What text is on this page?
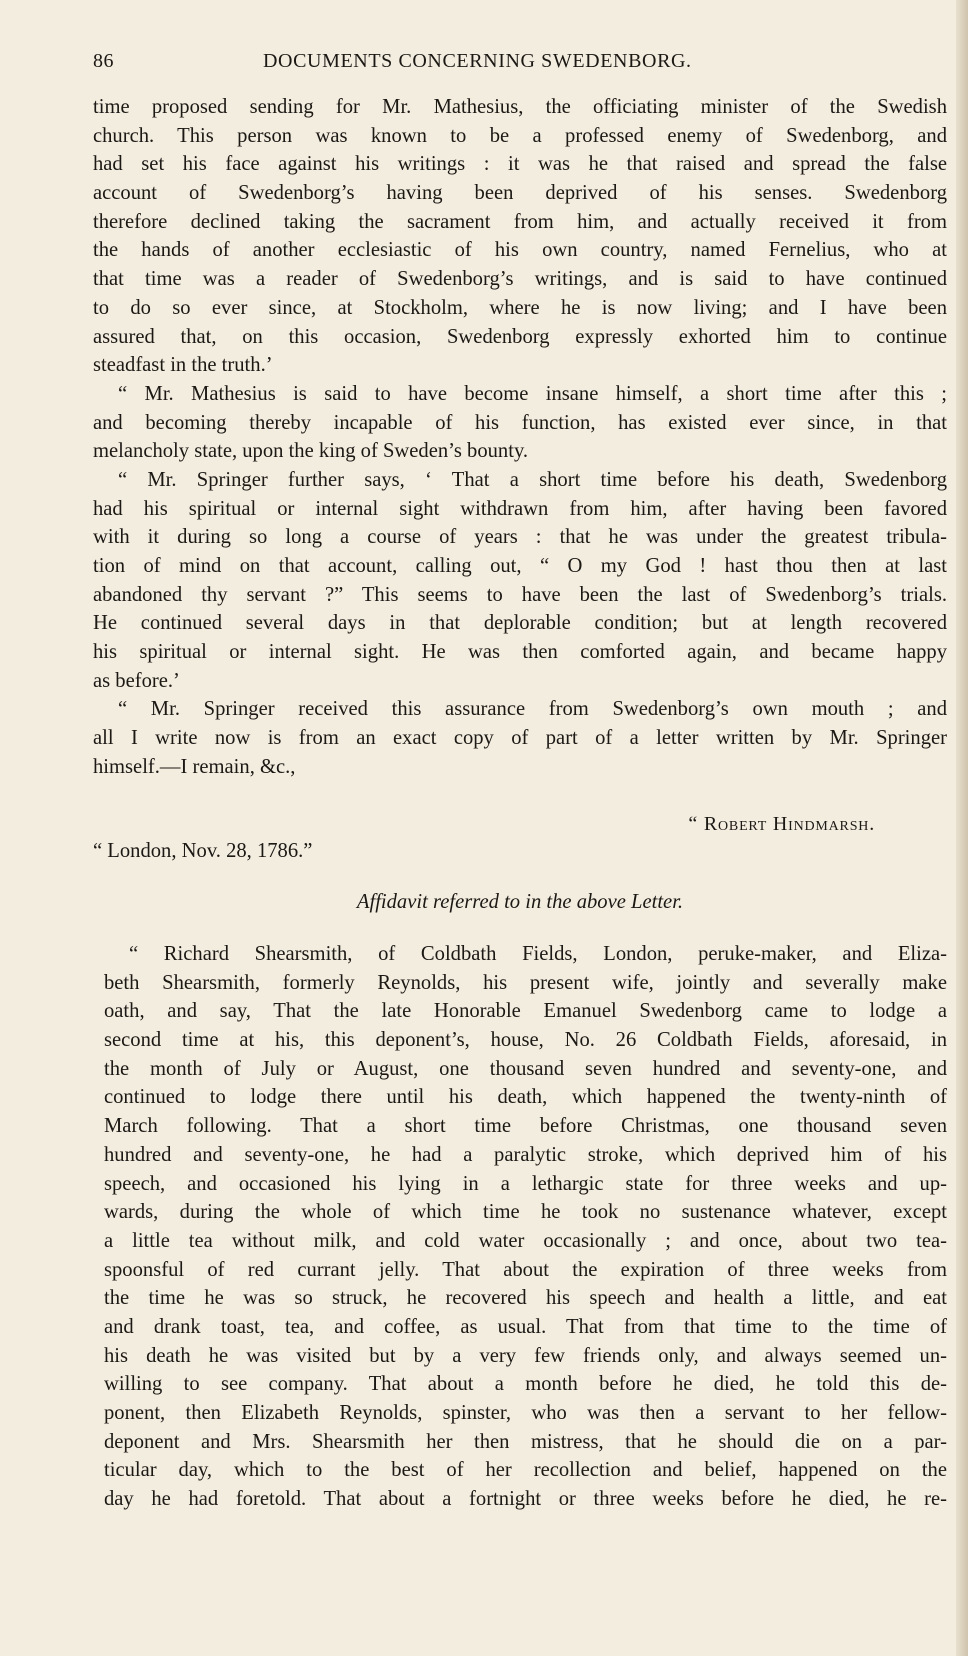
86	DOCUMENTS CONCERNING SWEDENBORG.
time proposed sending for Mr. Mathesius, the officiating minister of the Swedish
church. This person was known to be a professed enemy of Swedenborg, and
had set his face against his writings : it was he that raised and spread the false
account of Swedenborg’s having been deprived of his senses. Swedenborg
therefore declined taking the sacrament from him, and actually received it from
the hands of another ecclesiastic of his own country, named Fernelius, who at
that time was a reader of Swedenborg’s writings, and is said to have continued
to do so ever since, at Stockholm, where he is now living; and I have been
assured that, on this occasion, Swedenborg expressly exhorted him to continue
steadfast in the truth.’
“ Mr. Mathesius is said to have become insane himself, a short time after this ;
and becoming thereby incapable of his function, has existed ever since, in that
melancholy state, upon the king of Sweden’s bounty.
“ Mr. Springer further says, ‘ That a short time before his death, Swedenborg
had his spiritual or internal sight withdrawn from him, after having been favored
with it during so long a course of years : that he was under the greatest tribula-
tion of mind on that account, calling out, “ O my God ! hast thou then at last
abandoned thy servant ?” This seems to have been the last of Swedenborg’s trials.
He continued several days in that deplorable condition; but at length recovered
his spiritual or internal sight. He was then comforted again, and became happy
as before.’
“ Mr. Springer received this assurance from Swedenborg’s own mouth ; and
all I write now is from an exact copy of part of a letter written by Mr. Springer
himself.—I remain, &c.,
“ Robert Hindmarsh.
“ London, Nov. 28, 1786.”
Affidavit referred to in the above Letter.
“ Richard Shearsmith, of Coldbath Fields, London, peruke-maker, and Eliza-
beth Shearsmith, formerly Reynolds, his present wife, jointly and severally make
oath, and say, That the late Honorable Emanuel Swedenborg came to lodge a
second time at his, this deponent’s, house, No. 26 Coldbath Fields, aforesaid, in
the month of July or August, one thousand seven hundred and seventy-one, and
continued to lodge there until his death, which happened the twenty-ninth of
March following. That a short time before Christmas, one thousand seven
hundred and seventy-one, he had a paralytic stroke, which deprived him of his
speech, and occasioned his lying in a lethargic state for three weeks and up-
wards, during the whole of which time he took no sustenance whatever, except
a little tea without milk, and cold water occasionally ; and once, about two tea-
spoonsful of red currant jelly. That about the expiration of three weeks from
the time he was so struck, he recovered his speech and health a little, and eat
and drank toast, tea, and coffee, as usual. That from that time to the time of
his death he was visited but by a very few friends only, and always seemed un-
willing to see company. That about a month before he died, he told this de-
ponent, then Elizabeth Reynolds, spinster, who was then a servant to her fellow-
deponent and Mrs. Shearsmith her then mistress, that he should die on a par-
ticular day, which to the best of her recollection and belief, happened on the
day he had foretold. That about a fortnight or three weeks before he died, he re-
